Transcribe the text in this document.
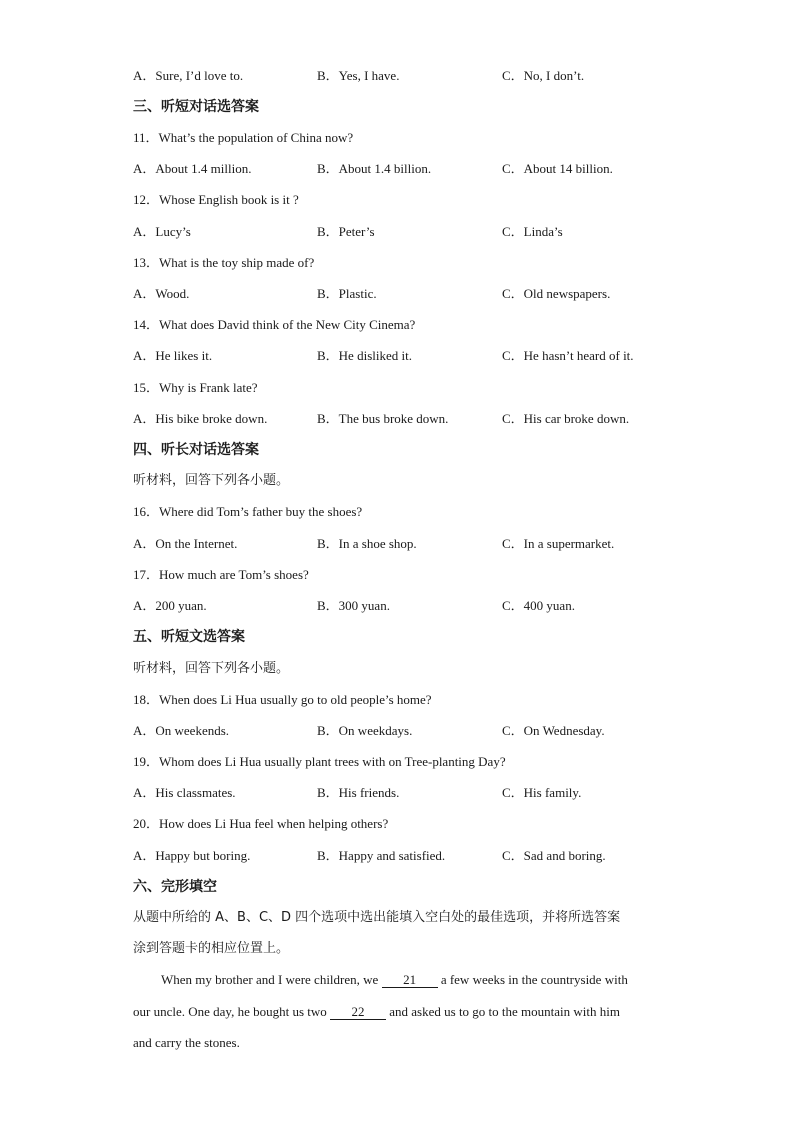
A．Sure, I’d love to.	B．Yes, I have.	C．No, I don’t.
三、听短对话选答案
11．What’s the population of China now?
A．About 1.4 million.	B．About 1.4 billion.	C．About 14 billion.
12．Whose English book is it ?
A．Lucy’s	B．Peter’s	C．Linda’s
13．What is the toy ship made of?
A．Wood.	B．Plastic.	C．Old newspapers.
14．What does David think of the New City Cinema?
A．He likes it.	B．He disliked it.	C．He hasn’t heard of it.
15．Why is Frank late?
A．His bike broke down.	B．The bus broke down.	C．His car broke down.
四、听长对话选答案
听材料，回答下列各小题。
16．Where did Tom’s father buy the shoes?
A．On the Internet.	B．In a shoe shop.	C．In a supermarket.
17．How much are Tom’s shoes?
A．200 yuan.	B．300 yuan.	C．400 yuan.
五、听短文选答案
听材料，回答下列各小题。
18．When does Li Hua usually go to old people’s home?
A．On weekends.	B．On weekdays.	C．On Wednesday.
19．Whom does Li Hua usually plant trees with on Tree-planting Day?
A．His classmates.	B．His friends.	C．His family.
20．How does Li Hua feel when helping others?
A．Happy but boring.	B．Happy and satisfied.	C．Sad and boring.
六、完形填空
从题中所给的 A、B、C、D 四个选项中选出能填入空白处的最佳选项，并将所选答案
涂到答题卡的相应位置上。
When my brother and I were children, we 21 a few weeks in the countryside with
our uncle. One day, he bought us two 22 and asked us to go to the mountain with him
and carry the stones.
